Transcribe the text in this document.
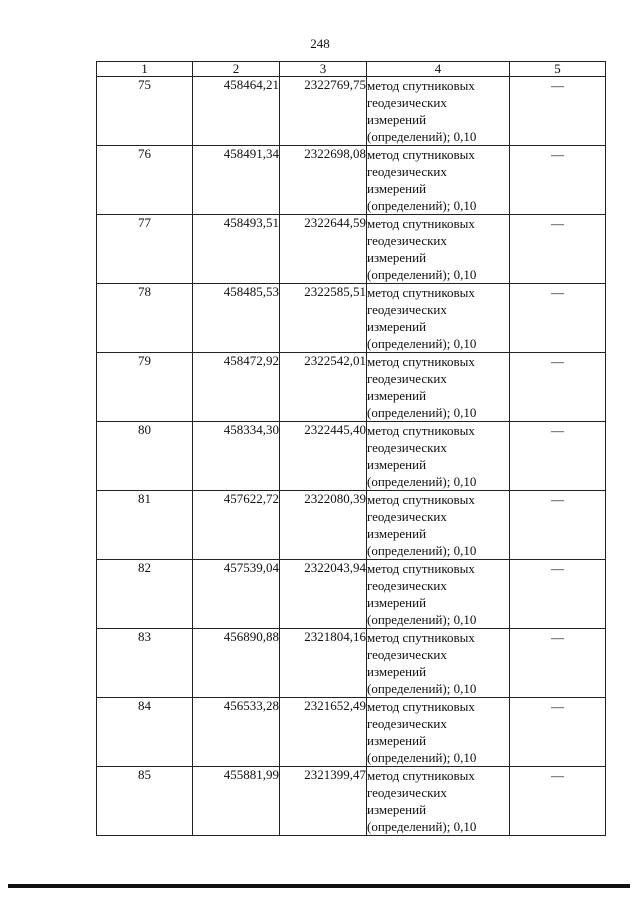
248
1	2	3	4	5
75	458464,21	2322769,75	метод спутниковых
геодезических
измерений
(определений); 0,10	—
76	458491,34	2322698,08	метод спутниковых
геодезических
измерений
(определений); 0,10	—
77	458493,51	2322644,59	метод спутниковых
геодезических
измерений
(определений); 0,10	—
78	458485,53	2322585,51	метод спутниковых
геодезических
измерений
(определений); 0,10	—
79	458472,92	2322542,01	метод спутниковых
геодезических
измерений
(определений); 0,10	—
80	458334,30	2322445,40	метод спутниковых
геодезических
измерений
(определений); 0,10	—
81	457622,72	2322080,39	метод спутниковых
геодезических
измерений
(определений); 0,10	—
82	457539,04	2322043,94	метод спутниковых
геодезических
измерений
(определений); 0,10	—
83	456890,88	2321804,16	метод спутниковых
геодезических
измерений
(определений); 0,10	—
84	456533,28	2321652,49	метод спутниковых
геодезических
измерений
(определений); 0,10	—
85	455881,99	2321399,47	метод спутниковых
геодезических
измерений
(определений); 0,10	—
